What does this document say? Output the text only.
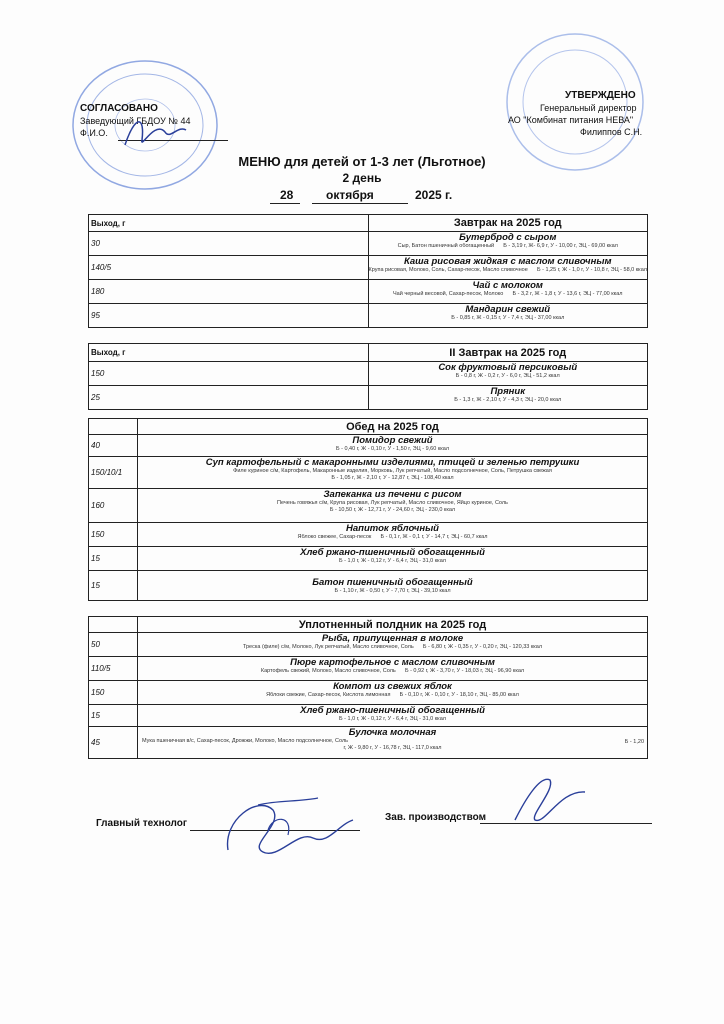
СОГЛАСОВАНО
Заведующий ГБДОУ № 44
Ф.И.О.
УТВЕРЖДЕНО
Генеральный директор
АО "Комбинат питания НЕВА"
Филиппов С.Н.
МЕНЮ для детей от 1-3 лет (Льготное)
2 день
28	октября	2025 г.
Выход, г	Завтрак на 2025 год
30	Бутерброд с сыром
Сыр, Батон пшеничный обогащенный Б - 3,19 г, Ж- 6,9 г, У - 10,00 г, ЭЦ - 69,00 ккал

140/5	Каша рисовая жидкая с маслом сливочным
Крупа рисовая, Молоко, Соль, Сахар-песок, Масло сливочное Б - 1,25 г, Ж - 1,0 г, У - 10,8 г, ЭЦ - 58,0 ккал

180	Чай с молоком
Чай черный весовой, Сахар-песок, Молоко Б - 3,2 г, Ж - 1,8 г, У - 13,6 г, ЭЦ - 77,00 ккал

95	Мандарин свежий
Б - 0,85 г, Ж - 0,15 г, У - 7,4 г, ЭЦ - 37,00 ккал
Выход, г	II Завтрак на 2025 год
150	Сок фруктовый персиковый
Б - 0,8 г, Ж - 0,2 г, У - 6,0 г, ЭЦ - 51,2 ккал

25	Пряник
Б - 1,3 г, Ж - 2,10 г, У - 4,3 г, ЭЦ - 20,0 ккал
	Обед на 2025 год
40	Помидор свежий
Б - 0,40 г, Ж - 0,10 г, У - 1,50 г, ЭЦ - 9,60 ккал

150/10/1	Суп картофельный с макаронными изделиями, птицей и зеленью петрушки
Филе куриное с/м, Картофель, Макаронные изделия, Морковь, Лук репчатый, Масло подсолнечное, Соль, Петрушка свежая
Б - 1,05 г, Ж - 2,10 г, У - 12,87 г, ЭЦ - 108,40 ккал

160	Запеканка из печени с рисом
Печень говяжья с/м, Крупа рисовая, Лук репчатый, Масло сливочное, Яйцо куриное, Соль
Б - 10,50 г, Ж - 12,71 г, У - 24,60 г, ЭЦ - 230,0 ккал

150	Напиток яблочный
Яблоко свежее, Сахар-песок Б - 0,1 г, Ж - 0,1 г, У - 14,7 г, ЭЦ - 60,7 ккал

15	Хлеб ржано-пшеничный обогащенный
Б - 1,0 г, Ж - 0,12 г, У - 6,4 г, ЭЦ - 31,0 ккал

15	Батон пшеничный обогащенный
Б - 1,10 г, Ж - 0,50 г, У - 7,70 г, ЭЦ - 39,10 ккал
	Уплотненный полдник на 2025 год
50	Рыба, припущенная в молоке
Треска (филе) с/м, Молоко, Лук репчатый, Масло сливочное, Соль Б - 6,80 г, Ж - 0,35 г, У - 0,20 г, ЭЦ - 120,33 ккал

110/5	Пюре картофельное с маслом сливочным
Картофель свежий, Молоко, Масло сливочное, Соль Б - 0,92 г, Ж - 3,70 г, У - 18,03 г, ЭЦ - 96,90 ккал

150	Компот из свежих яблок
Яблоки свежие, Сахар-песок, Кислота лимонная Б - 0,10 г, Ж - 0,10 г, У - 18,10 г, ЭЦ - 85,00 ккал

15	Хлеб ржано-пшеничный обогащенный
Б - 1,0 г, Ж - 0,12 г, У - 6,4 г, ЭЦ - 31,0 ккал

45	Булочка молочная
Мука пшеничная в/с, Сахар-песок, Дрожжи, Молоко, Масло подсолнечное, Соль
г, Ж - 9,80 г, У - 16,78 г, ЭЦ - 117,0 ккал
Б - 1,20
Главный технолог
Зав. производством
